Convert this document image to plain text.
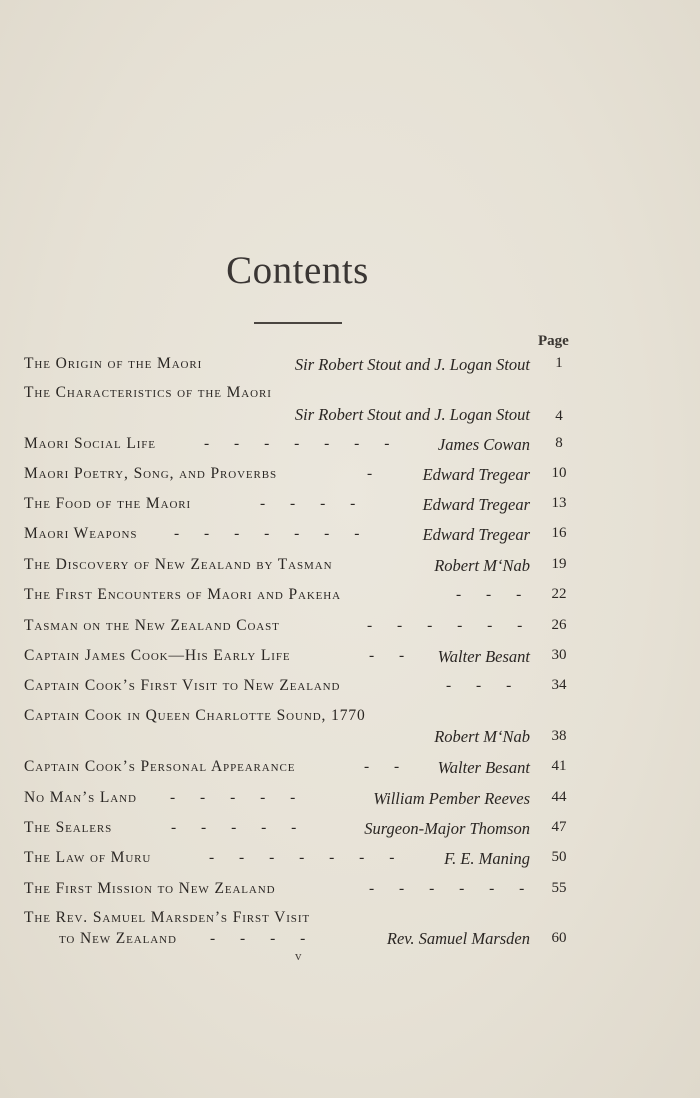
Contents
Page
The Origin of the Maori	Sir Robert Stout and J. Logan Stout	1
The Characteristics of the Maori
Sir Robert Stout and J. Logan Stout	4
Maori Social Life	- - - - - - -	James Cowan	8
Maori Poetry, Song, and Proverbs	-	Edward Tregear	10
The Food of the Maori	- - - -	Edward Tregear	13
Maori Weapons - - - - - - -	Edward Tregear	16
The Discovery of New Zealand by Tasman	Robert M‘Nab	19
The First Encounters of Maori and Pakeha	- - -	22
Tasman on the New Zealand Coast	- - - - - -	26
Captain James Cook—His Early Life	- - Walter Besant	30
Captain Cook’s First Visit to New Zealand	- - -	34
Captain Cook in Queen Charlotte Sound, 1770
Robert M‘Nab	38
Captain Cook’s Personal Appearance	- - Walter Besant	41
No Man’s Land - - - - -	William Pember Reeves	44
The Sealers	- - - - -	Surgeon-Major Thomson	47
The Law of Muru	- - - - - - -	F. E. Maning	50
The First Mission to New Zealand	- - - - - -	55
The Rev. Samuel Marsden’s First Visit
to New Zealand - - - -	Rev. Samuel Marsden	60
v
